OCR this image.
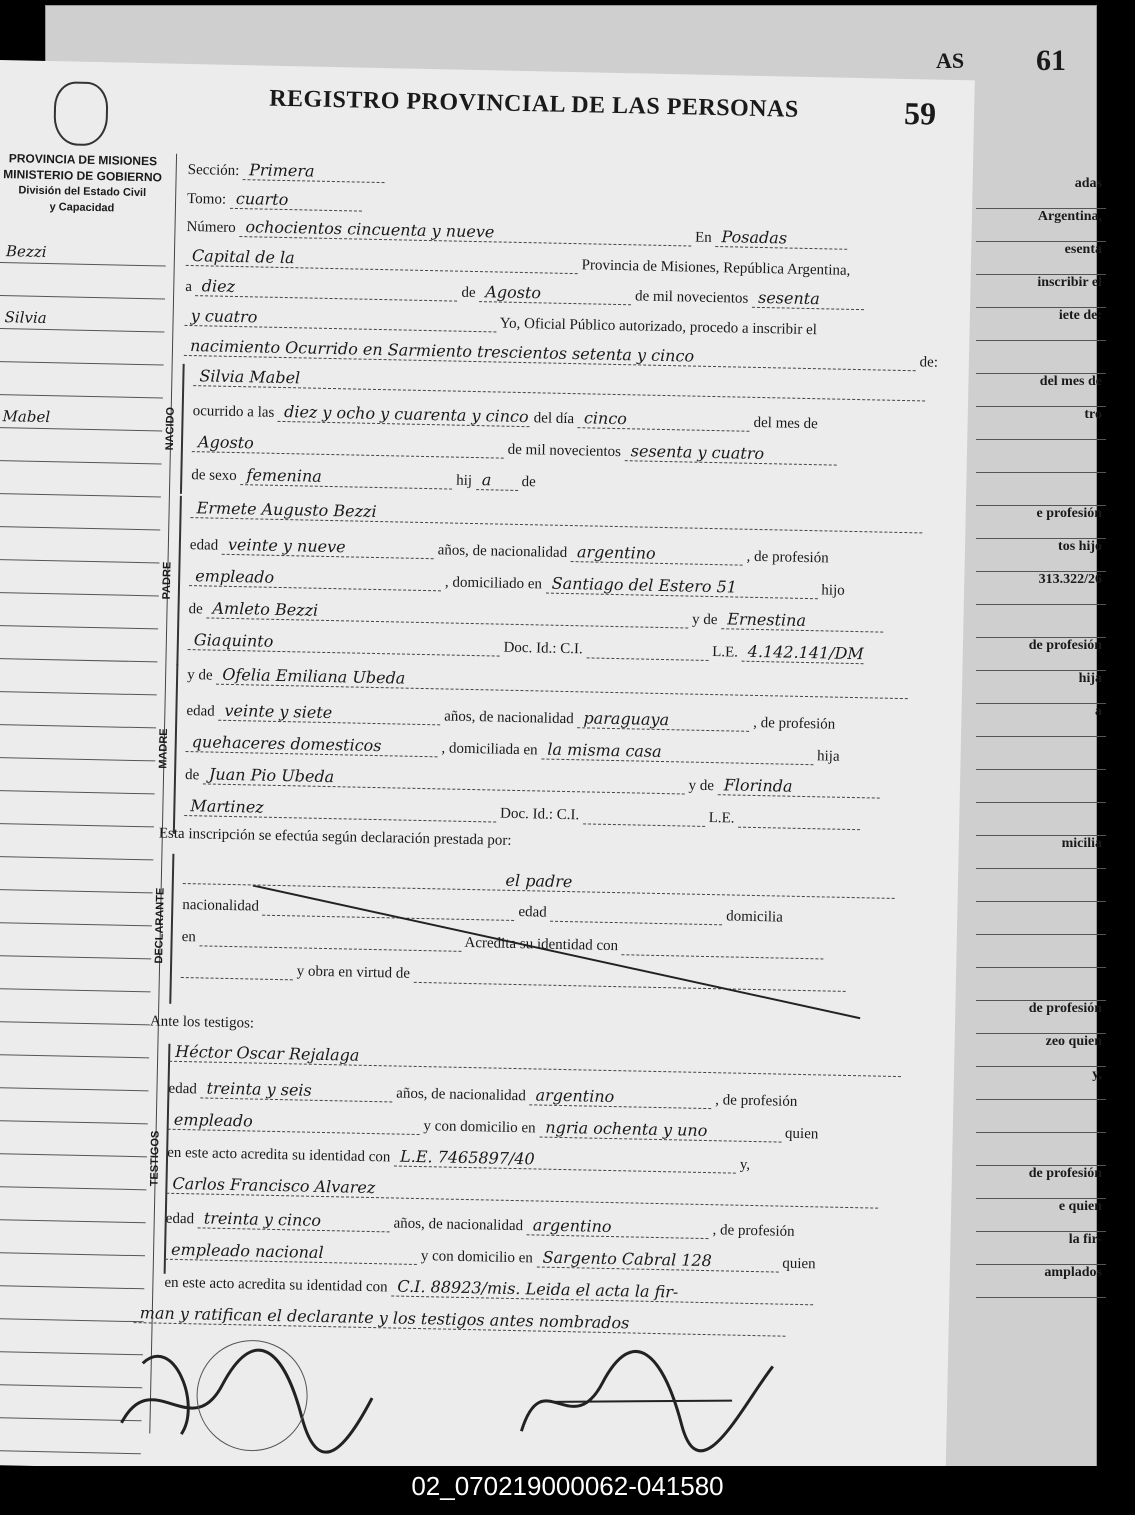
AS 61
adas
Argentina,
esenta
inscribir el
iete de:
del mes de
tro
e profesión
tos hijo
313.322/26
de profesión
hija
a
micilia
de profesión
zeo quien
y,
de profesión
e quien
la fir-
amplados
REGISTRO PROVINCIAL DE LAS PERSONAS	59
PROVINCIA DE MISIONES
MINISTERIO DE GOBIERNO
División del Estado Civil
y Capacidad
Bezzi
Silvia
Mabel
Sección: Primera
Tomo: cuarto
Número ochocientos cincuenta y nueve	En Posadas
Capital de la Provincia de Misiones, República Argentina,
a diez	de Agosto	de mil novecientos sesenta
y cuatro	Yo, Oficial Público autorizado, procedo a inscribir el
nacimiento Ocurrido en Sarmiento trescientos setenta y cinco	de:
NACIDO
Silvia Mabel
ocurrido a las diez y ocho y cuarenta y cinco del día cinco	del mes de
Agosto	de mil novecientos sesenta y cuatro
de sexo femenina	hij a de
PADRE
Ermete Augusto Bezzi
edad veinte y nueve	años, de nacionalidad argentino	, de profesión
empleado	, domiciliado en Santiago del Estero 51	hijo
de Amleto Bezzi y de Ernestina
Giaquinto	Doc. Id.: C.I.	L.E. 4.142.141/DM
MADRE
y de Ofelia Emiliana Ubeda
edad veinte y siete	años, de nacionalidad paraguaya	, de profesión
quehaceres domesticos	, domiciliada en la misma casa	hija
de Juan Pio Ubeda	y de Florinda
Martinez	Doc. Id.: C.I.	L.E.
Esta inscripción se efectúa según declaración prestada por:
DECLARANTE
el padre
nacionalidad	edad	domicilia
en	Acredita su identidad con
y obra en virtud de
Ante los testigos:
TESTIGOS
Héctor Oscar Rejalaga
edad treinta y seis	años, de nacionalidad argentino	, de profesión
empleado	y con domicilio en ngria ochenta y uno	quien
en este acto acredita su identidad con L.E. 7465897/40	y,
Carlos Francisco Alvarez
edad treinta y cinco	años, de nacionalidad argentino	, de profesión
empleado nacional	y con domicilio en Sargento Cabral 128	quien
en este acto acredita su identidad con C.I. 88923/mis. Leida el acta la fir-
man y ratifican el declarante y los testigos antes nombrados
02_070219000062-041580
